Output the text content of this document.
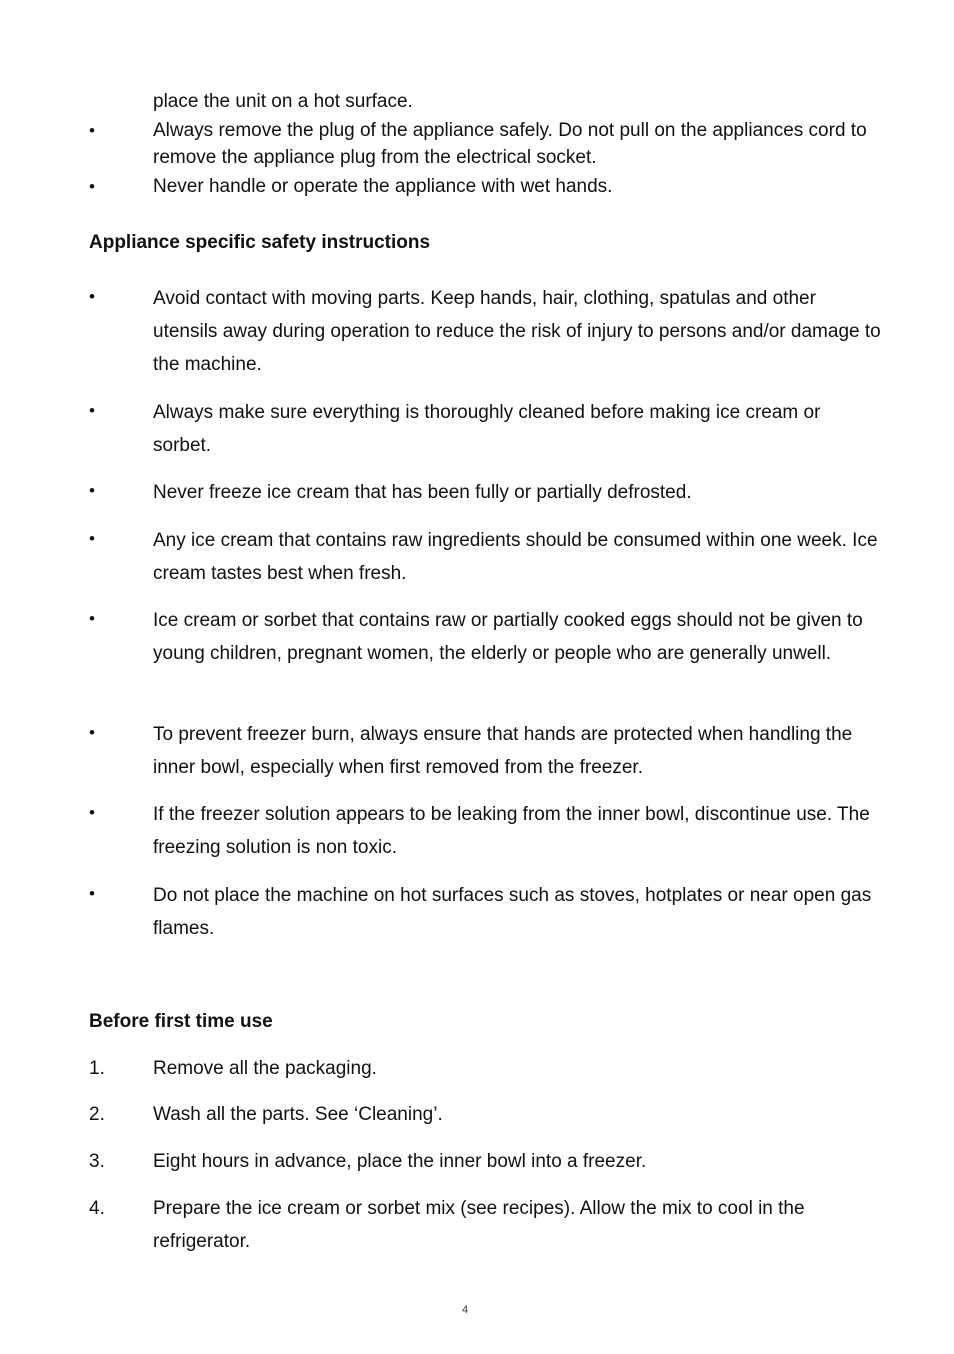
place the unit on a hot surface.
•	Always remove the plug of the appliance safely. Do not pull on the appliances cord to remove the appliance plug from the electrical socket.
•	Never handle or operate the appliance with wet hands.
Appliance specific safety instructions
•	Avoid contact with moving parts. Keep hands, hair, clothing, spatulas and other utensils away during operation to reduce the risk of injury to persons and/or damage to the machine.
•	Always make sure everything is thoroughly cleaned before making ice cream or sorbet.
•	Never freeze ice cream that has been fully or partially defrosted.
•	Any ice cream that contains raw ingredients should be consumed within one week. Ice cream tastes best when fresh.
•	Ice cream or sorbet that contains raw or partially cooked eggs should not be given to young children, pregnant women, the elderly or people who are generally unwell.
•	To prevent freezer burn, always ensure that hands are protected when handling the inner bowl, especially when first removed from the freezer.
•	If the freezer solution appears to be leaking from the inner bowl, discontinue use. The freezing solution is non toxic.
•	Do not place the machine on hot surfaces such as stoves, hotplates or near open gas flames.
Before first time use
1.	Remove all the packaging.
2.	Wash all the parts. See ‘Cleaning’.
3.	Eight hours in advance, place the inner bowl into a freezer.
4.	Prepare the ice cream or sorbet mix (see recipes). Allow the mix to cool in the refrigerator.
4
